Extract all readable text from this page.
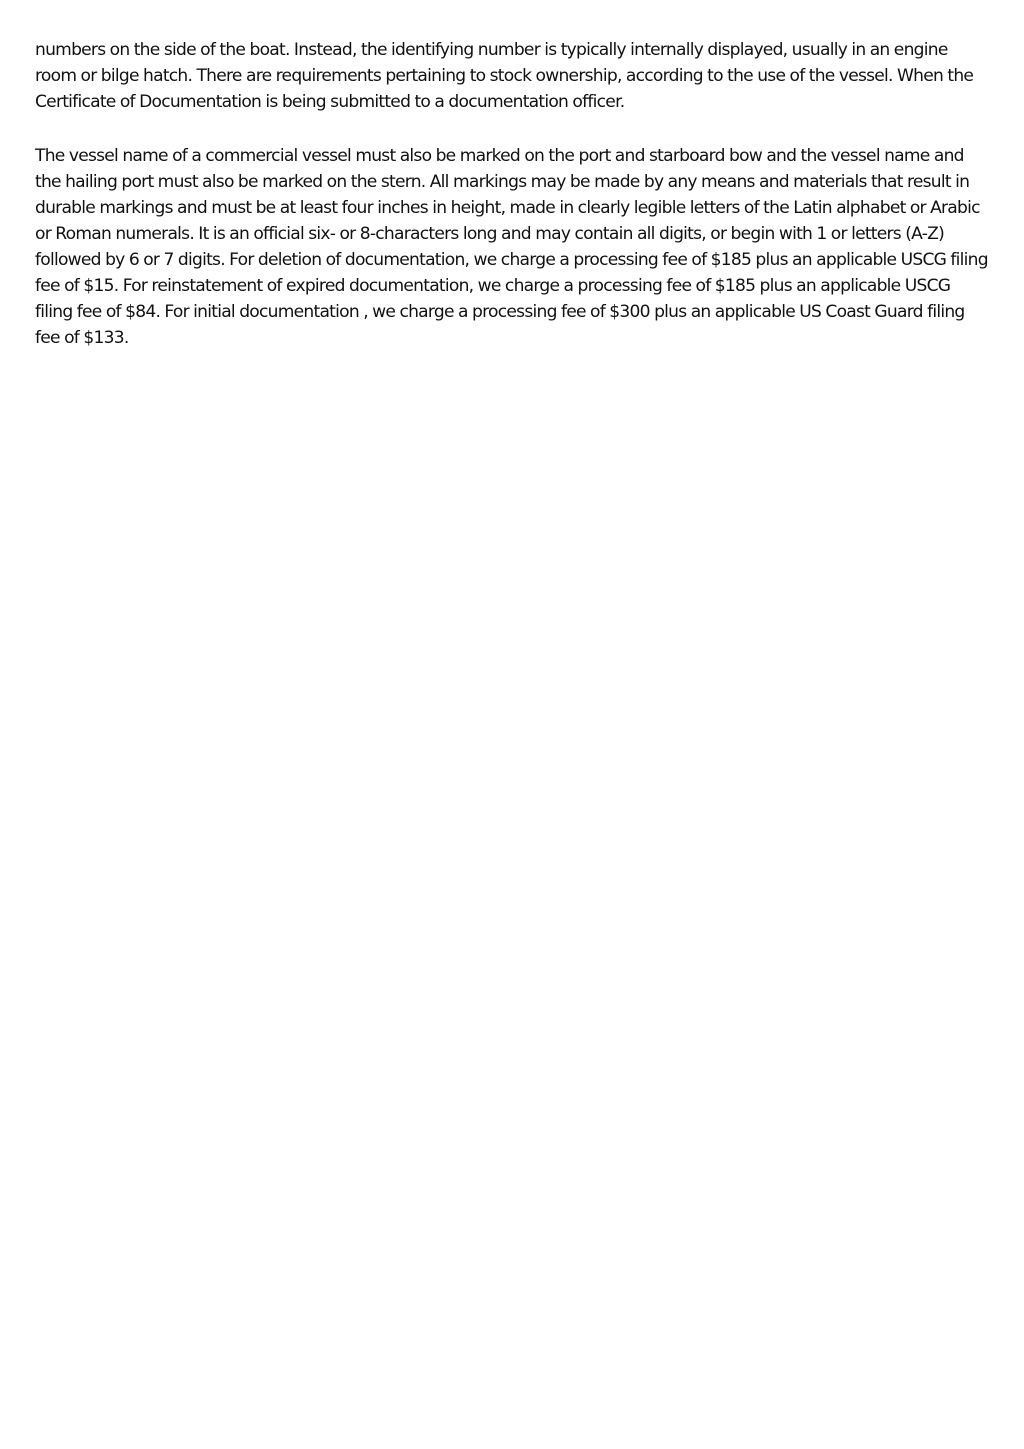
numbers on the side of the boat. Instead, the identifying number is typically internally displayed, usually in an engine room or bilge hatch. There are requirements pertaining to stock ownership, according to the use of the vessel. When the Certificate of Documentation is being submitted to a documentation officer.

The vessel name of a commercial vessel must also be marked on the port and starboard bow and the vessel name and the hailing port must also be marked on the stern. All markings may be made by any means and materials that result in durable markings and must be at least four inches in height, made in clearly legible letters of the Latin alphabet or Arabic or Roman numerals. It is an official six- or 8-characters long and may contain all digits, or begin with 1 or letters (A-Z) followed by 6 or 7 digits. For deletion of documentation, we charge a processing fee of $185 plus an applicable USCG filing fee of $15. For reinstatement of expired documentation, we charge a processing fee of $185 plus an applicable USCG filing fee of $84. For initial documentation , we charge a processing fee of $300 plus an applicable US Coast Guard filing fee of $133.
